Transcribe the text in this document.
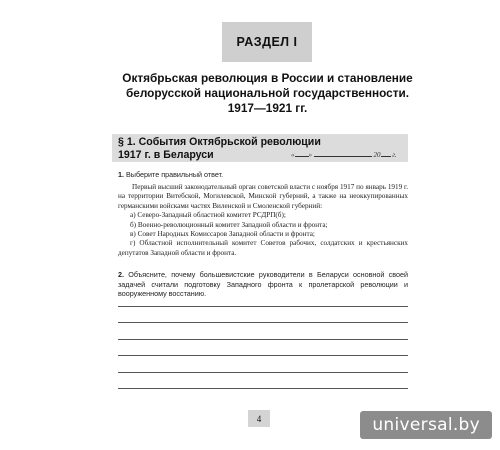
РАЗДЕЛ I
Октябрьская революция в России и становление
белорусской национальной государственности.
1917—1921 гг.
§ 1. События Октябрьской революции
1917 г. в Беларуси	« »	20 г.
1. Выберите правильный ответ.
Первый высший законодательный орган советской власти с ноября 1917 по январь 1919 г. на территории Витебской, Могилевской, Минской губерний, а также на неоккупированных германскими войсками частях Виленской и Смоленской губерний:
а) Северо-Западный областной комитет РСДРП(б);
б) Военно-революционный комитет Западной области и фронта;
в) Совет Народных Комиссаров Западной области и фронта;
г) Областной исполнительный комитет Советов рабочих, солдатских и крестьянских депутатов Западной области и фронта.
2. Объясните, почему большевистские руководители в Беларуси основной своей задачей считали подготовку Западного фронта к пролетарской революции и вооруженному восстанию.
4	universal.by
